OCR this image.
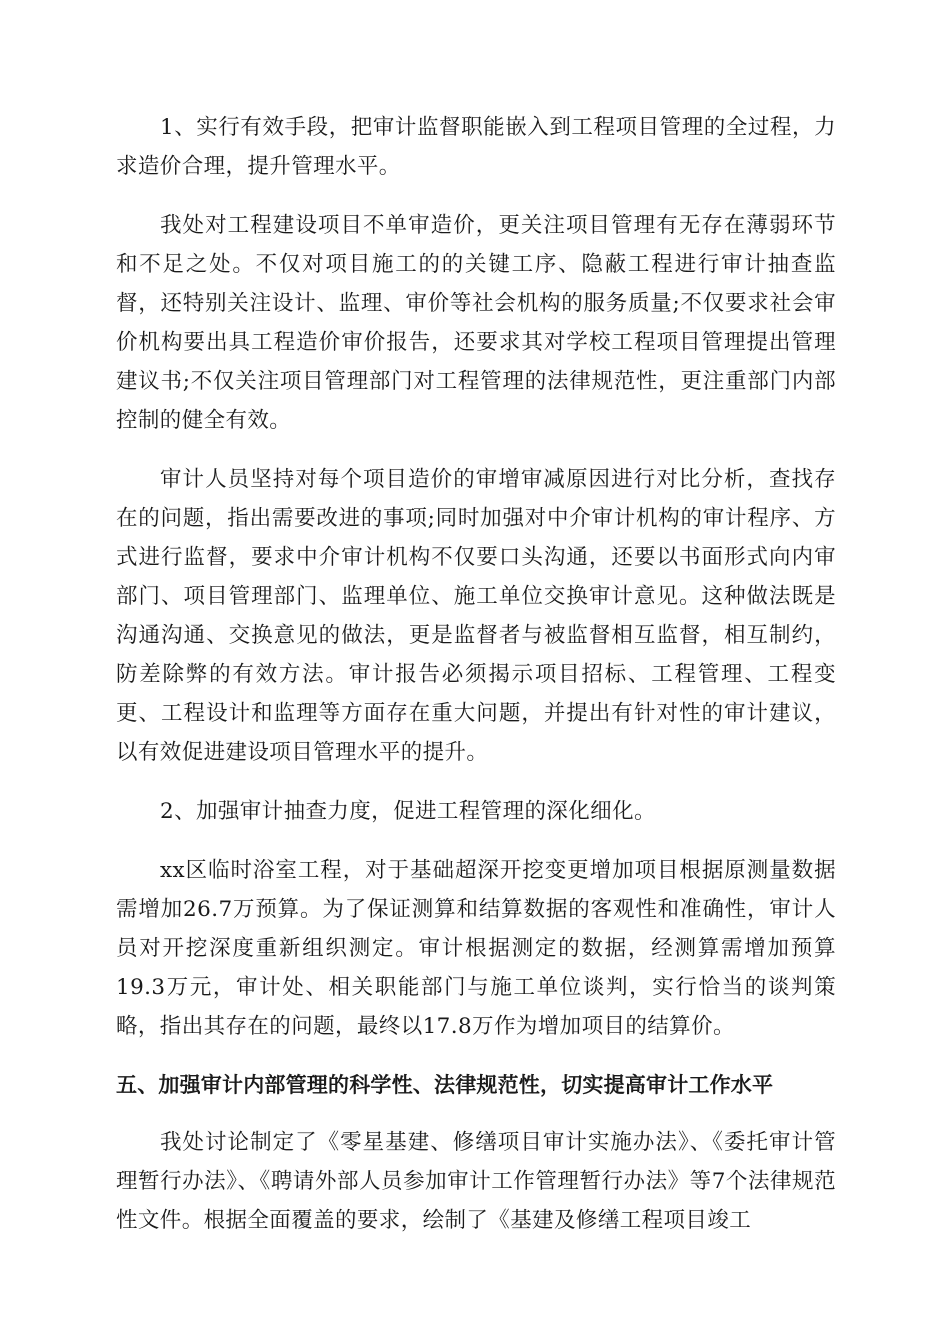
1、实行有效手段，把审计监督职能嵌入到工程项目管理的全过程，力求造价合理，提升管理水平。

我处对工程建设项目不单审造价，更关注项目管理有无存在薄弱环节和不足之处。不仅对项目施工的的关键工序、隐蔽工程进行审计抽查监督，还特别关注设计、监理、审价等社会机构的服务质量;不仅要求社会审价机构要出具工程造价审价报告，还要求其对学校工程项目管理提出管理建议书;不仅关注项目管理部门对工程管理的法律规范性，更注重部门内部控制的健全有效。

审计人员坚持对每个项目造价的审增审减原因进行对比分析，查找存在的问题，指出需要改进的事项;同时加强对中介审计机构的审计程序、方式进行监督，要求中介审计机构不仅要口头沟通，还要以书面形式向内审部门、项目管理部门、监理单位、施工单位交换审计意见。这种做法既是沟通沟通、交换意见的做法，更是监督者与被监督相互监督，相互制约，防差除弊的有效方法。审计报告必须揭示项目招标、工程管理、工程变更、工程设计和监理等方面存在重大问题，并提出有针对性的审计建议，以有效促进建设项目管理水平的提升。

2、加强审计抽查力度，促进工程管理的深化细化。

xx区临时浴室工程，对于基础超深开挖变更增加项目根据原测量数据需增加26.7万预算。为了保证测算和结算数据的客观性和准确性，审计人员对开挖深度重新组织测定。审计根据测定的数据，经测算需增加预算19.3万元，审计处、相关职能部门与施工单位谈判，实行恰当的谈判策略，指出其存在的问题，最终以17.8万作为增加项目的结算价。

五、加强审计内部管理的科学性、法律规范性，切实提高审计工作水平

我处讨论制定了《零星基建、修缮项目审计实施办法》、《委托审计管理暂行办法》、《聘请外部人员参加审计工作管理暂行办法》等7个法律规范性文件。根据全面覆盖的要求，绘制了《基建及修缮工程项目竣工
